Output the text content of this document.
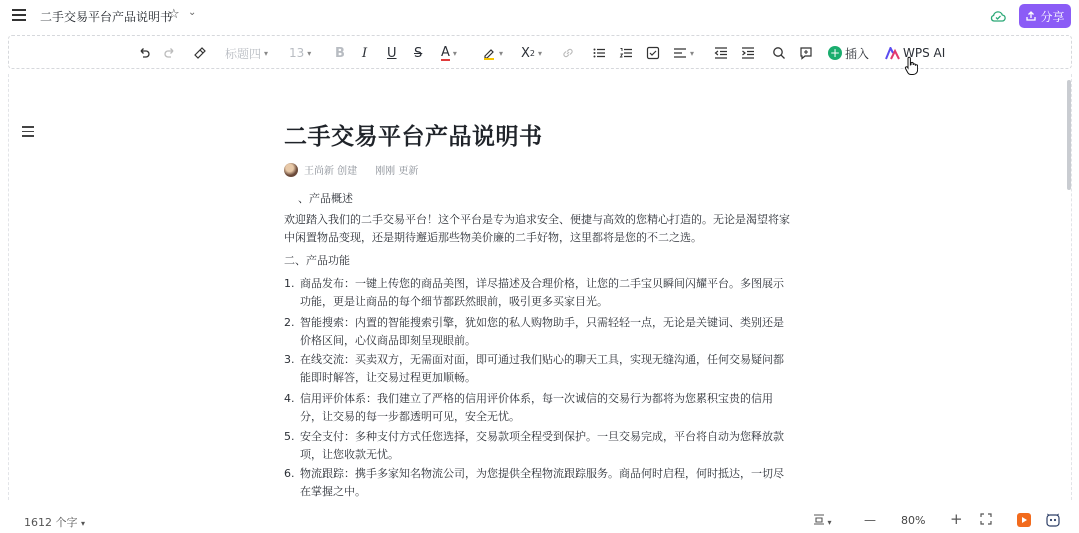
二手交易平台产品说明书
☆ ⌄	分享
标题四 ▾ 13 ▾ B I U S A ▾	▾ X 2 ▾	▾	+ 插入	WPS AI
二手交易平台产品说明书
王尚新 创建 刚刚 更新
、产品概述
欢迎踏入我们的二手交易平台！这个平台是专为追求安全、便捷与高效的您精心打造的。无论是渴望将家
中闲置物品变现，还是期待邂逅那些物美价廉的二手好物，这里都将是您的不二之选。
二、产品功能
1. 商品发布：一键上传您的商品美图，详尽描述及合理价格，让您的二手宝贝瞬间闪耀平台。多图展示功能，更是让商品的每个细节都跃然眼前，吸引更多买家目光。
2. 智能搜索：内置的智能搜索引擎，犹如您的私人购物助手，只需轻轻一点，无论是关键词、类别还是价格区间，心仪商品即刻呈现眼前。
3. 在线交流：买卖双方，无需面对面，即可通过我们贴心的聊天工具，实现无缝沟通，任何交易疑问都能即时解答，让交易过程更加顺畅。
4. 信用评价体系：我们建立了严格的信用评价体系，每一次诚信的交易行为都将为您累积宝贵的信用分，让交易的每一步都透明可见，安全无忧。
5. 安全支付：多种支付方式任您选择，交易款项全程受到保护。一旦交易完成，平台将自动为您释放款项，让您收款无忧。
6. 物流跟踪：携手多家知名物流公司，为您提供全程物流跟踪服务。商品何时启程，何时抵达，一切尽在掌握之中。
1612 个字 ▾	▾	— 80% +
